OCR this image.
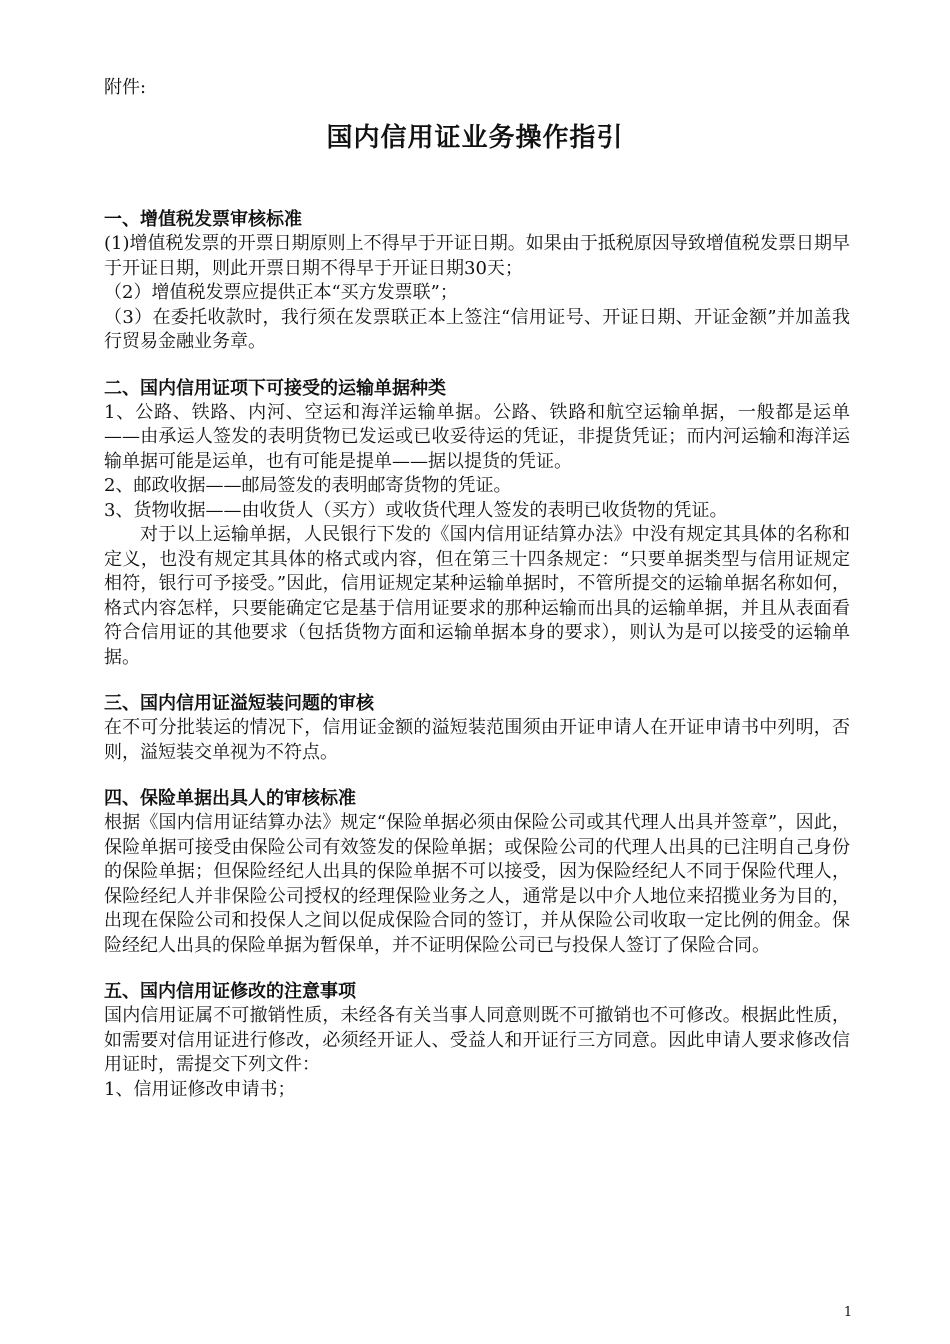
附件:
国内信用证业务操作指引
一、增值税发票审核标准

(1)增值税发票的开票日期原则上不得早于开证日期。如果由于抵税原因导致增值税发票日期早于开证日期，则此开票日期不得早于开证日期30天；

（2）增值税发票应提供正本“买方发票联”；

（3）在委托收款时，我行须在发票联正本上签注“信用证号、开证日期、开证金额”并加盖我行贸易金融业务章。

二、国内信用证项下可接受的运输单据种类

1、公路、铁路、内河、空运和海洋运输单据。公路、铁路和航空运输单据，一般都是运单——由承运人签发的表明货物已发运或已收妥待运的凭证，非提货凭证；而内河运输和海洋运输单据可能是运单，也有可能是提单——据以提货的凭证。

2、邮政收据——邮局签发的表明邮寄货物的凭证。

3、货物收据——由收货人（买方）或收货代理人签发的表明已收货物的凭证。

对于以上运输单据，人民银行下发的《国内信用证结算办法》中没有规定其具体的名称和定义，也没有规定其具体的格式或内容，但在第三十四条规定：“只要单据类型与信用证规定相符，银行可予接受。”因此，信用证规定某种运输单据时，不管所提交的运输单据名称如何，格式内容怎样，只要能确定它是基于信用证要求的那种运输而出具的运输单据，并且从表面看符合信用证的其他要求（包括货物方面和运输单据本身的要求），则认为是可以接受的运输单据。

三、国内信用证溢短装问题的审核

在不可分批装运的情况下，信用证金额的溢短装范围须由开证申请人在开证申请书中列明，否则，溢短装交单视为不符点。

四、保险单据出具人的审核标准

根据《国内信用证结算办法》规定“保险单据必须由保险公司或其代理人出具并签章”，因此，保险单据可接受由保险公司有效签发的保险单据；或保险公司的代理人出具的已注明自己身份的保险单据；但保险经纪人出具的保险单据不可以接受，因为保险经纪人不同于保险代理人，保险经纪人并非保险公司授权的经理保险业务之人，通常是以中介人地位来招揽业务为目的，出现在保险公司和投保人之间以促成保险合同的签订，并从保险公司收取一定比例的佣金。保险经纪人出具的保险单据为暂保单，并不证明保险公司已与投保人签订了保险合同。

五、国内信用证修改的注意事项

国内信用证属不可撤销性质，未经各有关当事人同意则既不可撤销也不可修改。根据此性质，如需要对信用证进行修改，必须经开证人、受益人和开证行三方同意。因此申请人要求修改信用证时，需提交下列文件：

1、信用证修改申请书；

1
